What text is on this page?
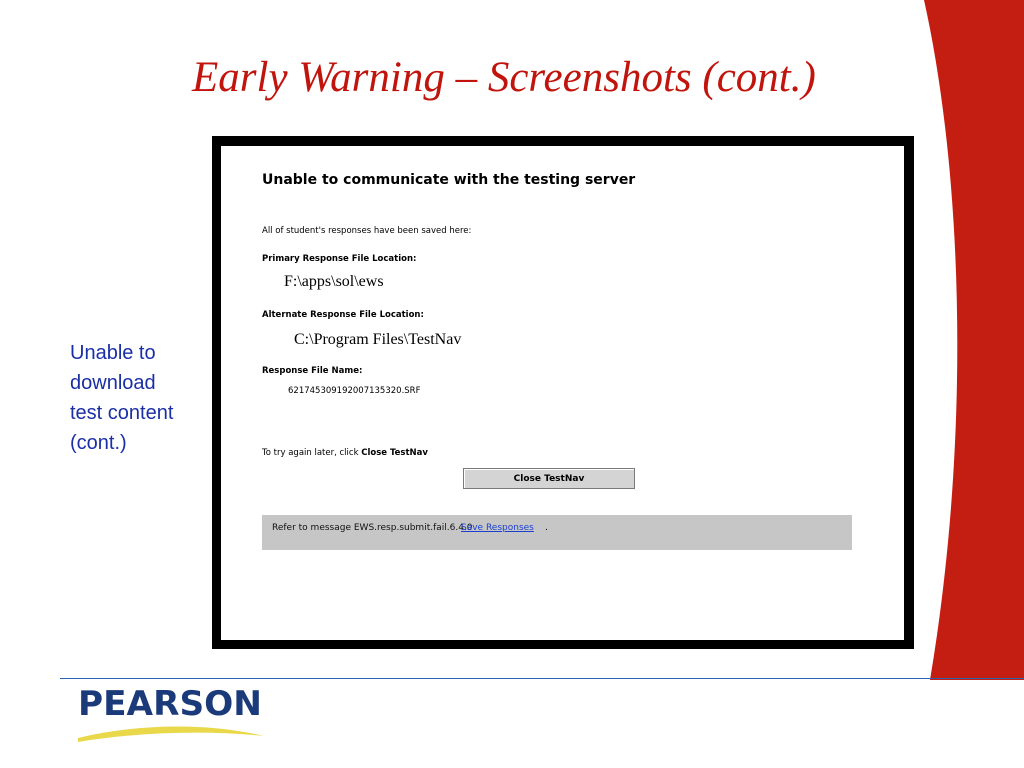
Early Warning – Screenshots (cont.)
Unable to
download
test content
(cont.)
Unable to communicate with the testing server
All of student's responses have been saved here:
Primary Response File Location:
F:\apps\sol\ews
Alternate Response File Location:
C:\Program Files\TestNav
Response File Name:
621745309192007135320.SRF
To try again later, click Close TestNav
Close TestNav
Refer to message EWS.resp.submit.fail.6.4.0
Save Responses .
PEARSON
